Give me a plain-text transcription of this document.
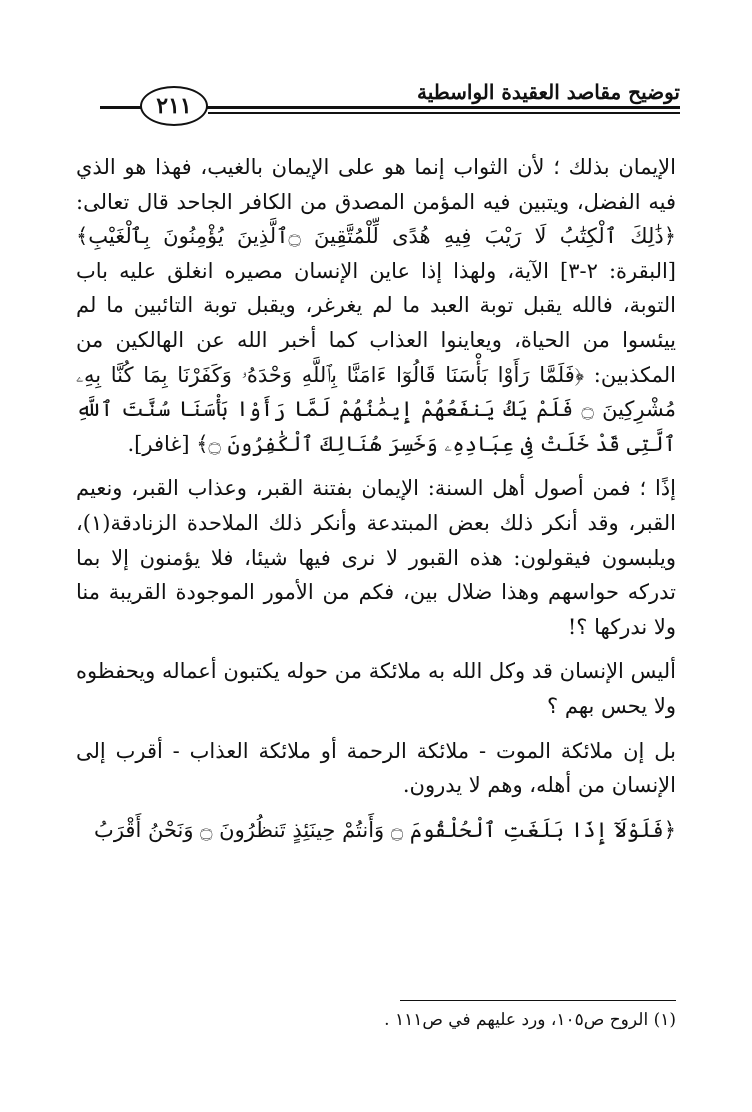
٢١١
توضيح مقاصد العقيدة الواسطية

الإيمان بذلك ؛ لأن الثواب إنما هو على الإيمان بالغيب، فهذا هو الذي فيه الفضل، ويتبين فيه المؤمن المصدق من الكافر الجاحد قال تعالى: ﴿ذَٰلِكَ ٱلْكِتَٰبُ لَا رَيْبَ فِيهِ هُدًى لِّلْمُتَّقِينَ ۝ٱلَّذِينَ يُؤْمِنُونَ بِٱلْغَيْبِ﴾ [البقرة: ٢-٣] الآية، ولهذا إذا عاين الإنسان مصيره انغلق عليه باب التوبة، فالله يقبل توبة العبد ما لم يغرغر، ويقبل توبة التائبين ما لم ييئسوا من الحياة، ويعاينوا العذاب كما أخبر الله عن الهالكين من المكذبين: ﴿فَلَمَّا رَأَوْا بَأْسَنَا قَالُوٓا ءَامَنَّا بِٱللَّهِ وَحْدَهُۥ وَكَفَرْنَا بِمَا كُنَّا بِهِۦ مُشْرِكِينَ ۝ فَلَمْ يَكُ يَنفَعُهُمْ إِيمَٰنُهُمْ لَمَّا رَأَوْا بَأْسَنَا سُنَّتَ ٱللَّهِ ٱلَّتِى قَدْ خَلَتْ فِى عِبَادِهِۦ وَخَسِرَ هُنَالِكَ ٱلْكَٰفِرُونَ ۝﴾ [غافر].

إذًا ؛ فمن أصول أهل السنة: الإيمان بفتنة القبر، وعذاب القبر، ونعيم القبر، وقد أنكر ذلك بعض المبتدعة وأنكر ذلك الملاحدة الزنادقة(١)، ويلبسون فيقولون: هذه القبور لا نرى فيها شيئا، فلا يؤمنون إلا بما تدركه حواسهم وهذا ضلال بين، فكم من الأمور الموجودة القريبة منا ولا ندركها ؟!

أليس الإنسان قد وكل الله به ملائكة من حوله يكتبون أعماله ويحفظوه ولا يحس بهم ؟

بل إن ملائكة الموت - ملائكة الرحمة أو ملائكة العذاب - أقرب إلى الإنسان من أهله، وهم لا يدرون.

﴿فَلَوْلَآ إِذَا بَلَغَتِ ٱلْحُلْقُومَ ۝ وَأَنتُمْ حِينَئِذٍ تَنظُرُونَ ۝ وَنَحْنُ أَقْرَبُ

(١) الروح ص١٠٥، ورد عليهم في ص١١١ .
